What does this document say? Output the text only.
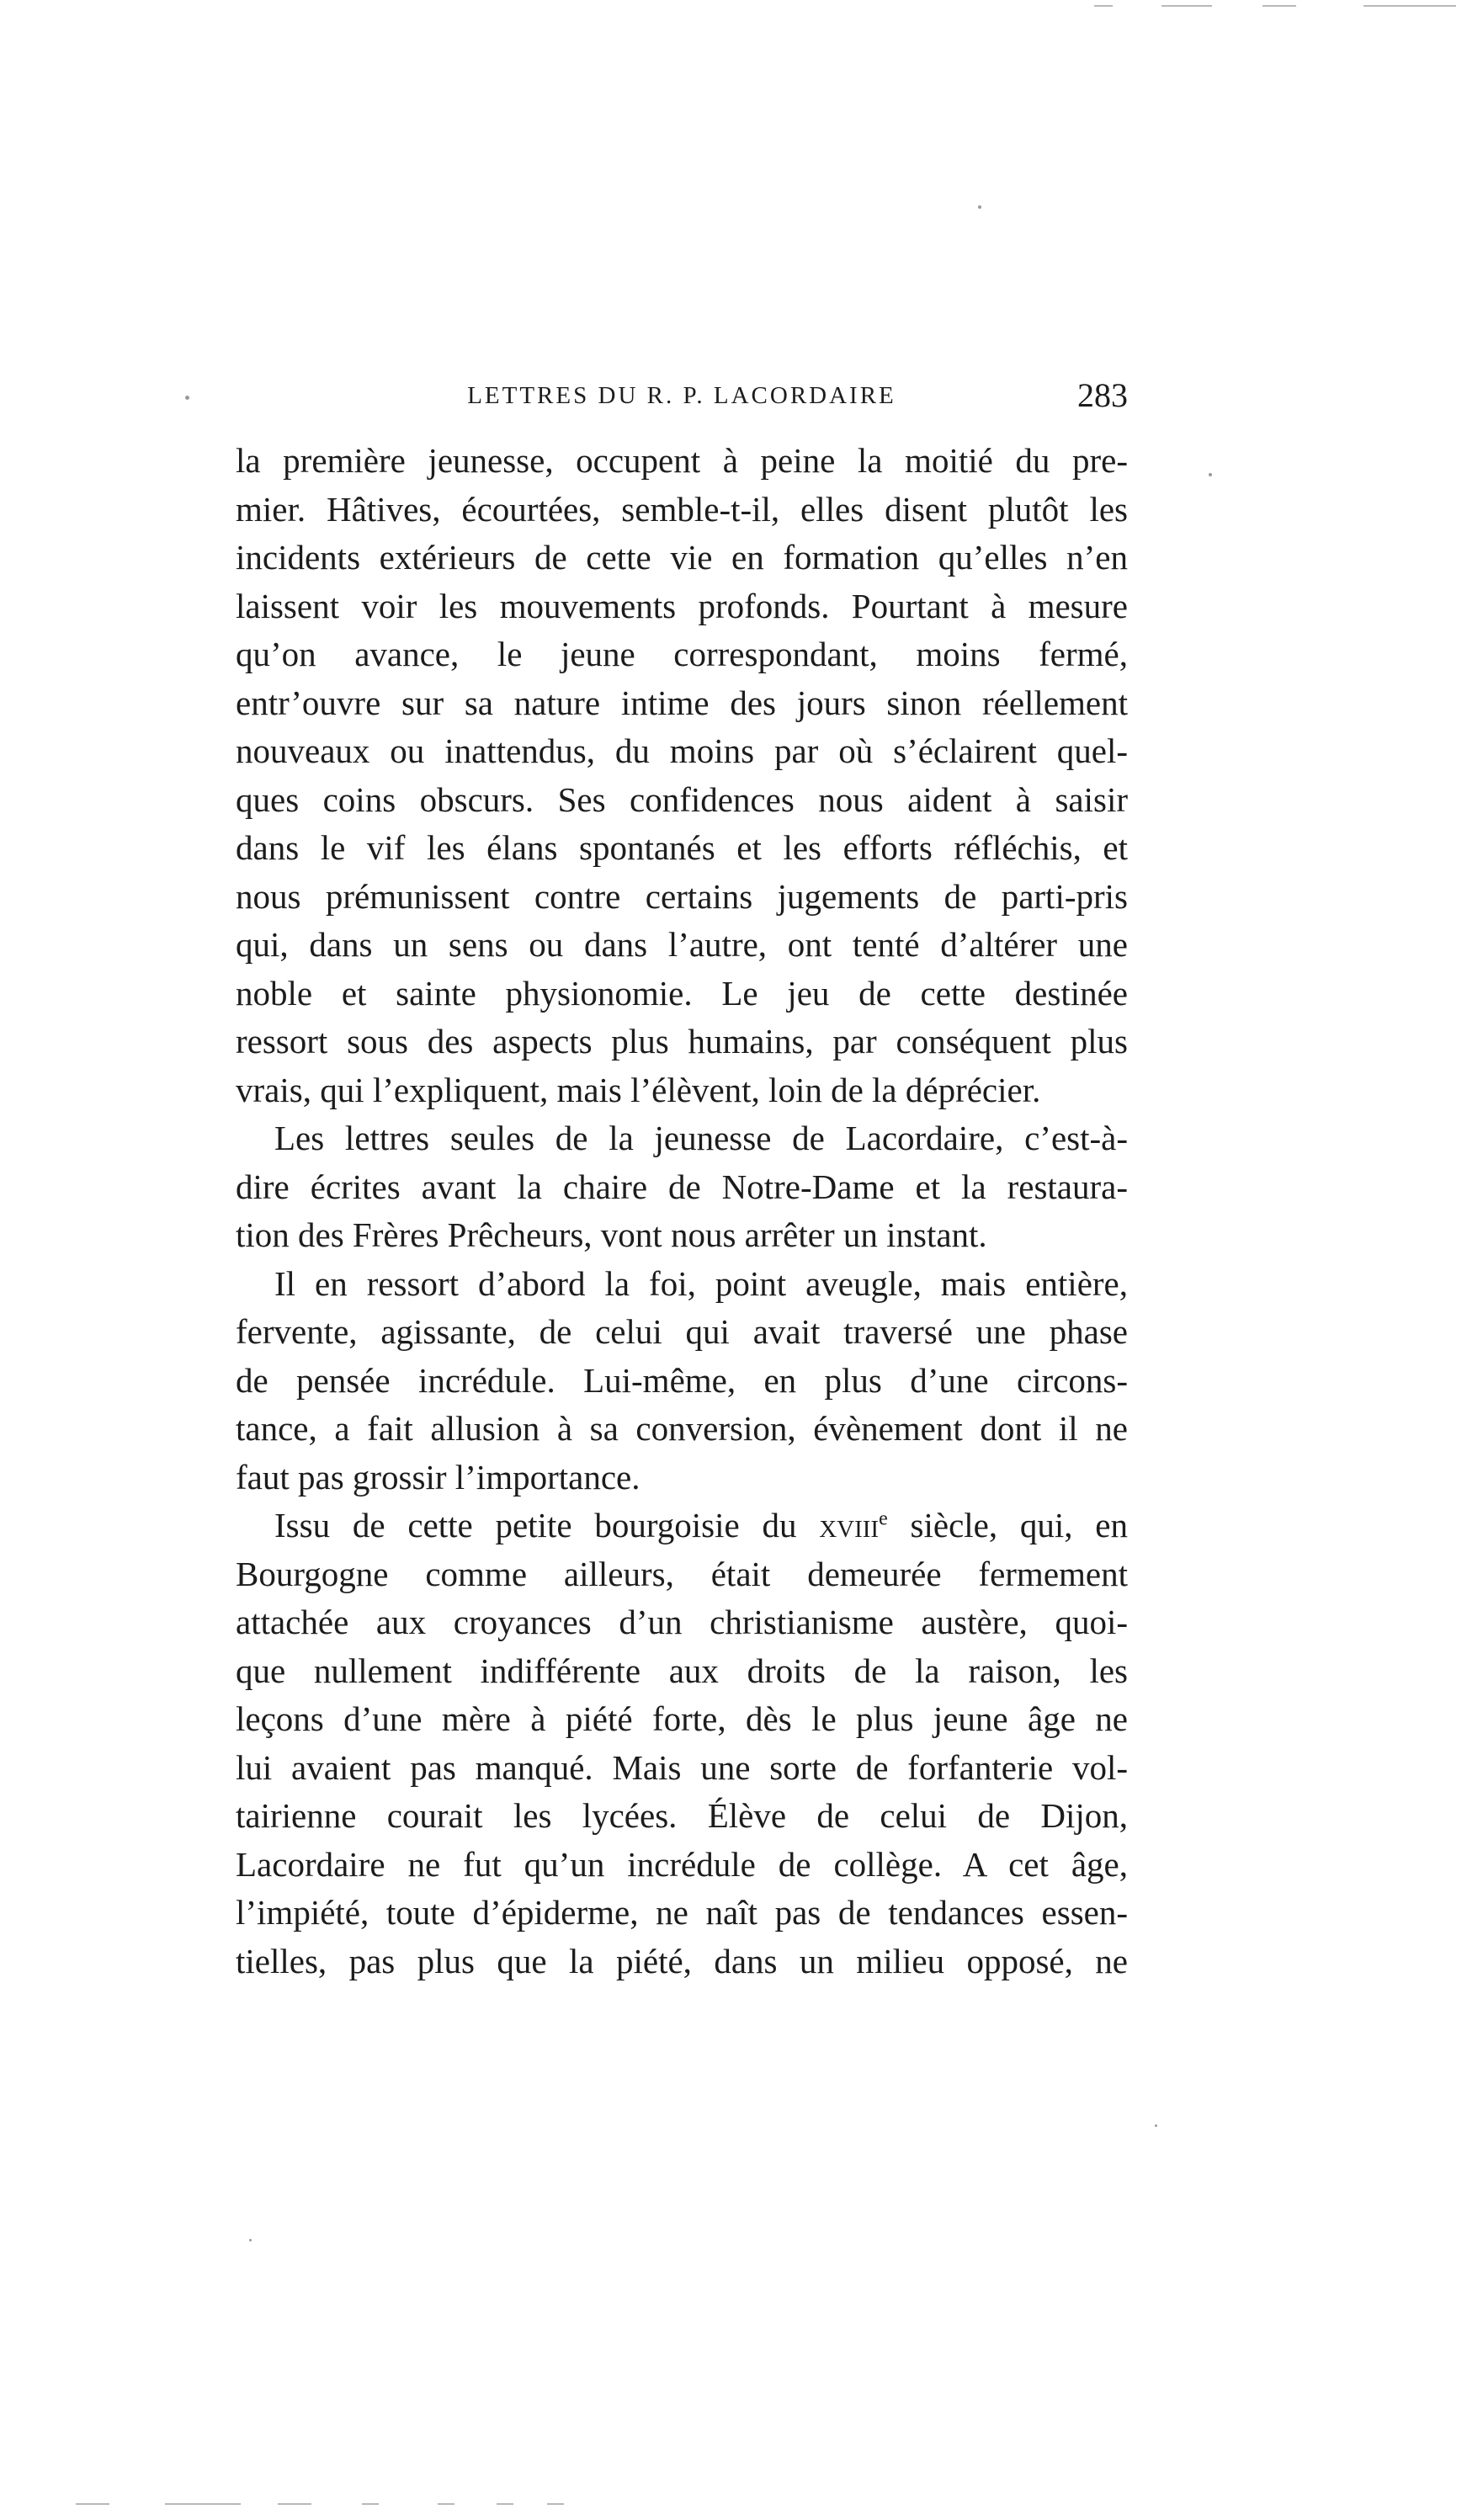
LETTRES DU R. P. LACORDAIRE	283
la première jeunesse, occupent à peine la moitié du pre-
mier. Hâtives, écourtées, semble-t-il, elles disent plutôt les
incidents extérieurs de cette vie en formation qu’elles n’en
laissent voir les mouvements profonds. Pourtant à mesure
qu’on avance, le jeune correspondant, moins fermé,
entr’ouvre sur sa nature intime des jours sinon réellement
nouveaux ou inattendus, du moins par où s’éclairent quel-
ques coins obscurs. Ses confidences nous aident à saisir
dans le vif les élans spontanés et les efforts réfléchis, et
nous prémunissent contre certains jugements de parti-pris
qui, dans un sens ou dans l’autre, ont tenté d’altérer une
noble et sainte physionomie. Le jeu de cette destinée
ressort sous des aspects plus humains, par conséquent plus
vrais, qui l’expliquent, mais l’élèvent, loin de la déprécier.
Les lettres seules de la jeunesse de Lacordaire, c’est-à-
dire écrites avant la chaire de Notre-Dame et la restaura-
tion des Frères Prêcheurs, vont nous arrêter un instant.
Il en ressort d’abord la foi, point aveugle, mais entière,
fervente, agissante, de celui qui avait traversé une phase
de pensée incrédule. Lui-même, en plus d’une circons-
tance, a fait allusion à sa conversion, évènement dont il ne
faut pas grossir l’importance.
Issu de cette petite bourgoisie du xviii$^e$ siècle, qui, en
Bourgogne comme ailleurs, était demeurée fermement
attachée aux croyances d’un christianisme austère, quoi-
que nullement indifférente aux droits de la raison, les
leçons d’une mère à piété forte, dès le plus jeune âge ne
lui avaient pas manqué. Mais une sorte de forfanterie vol-
tairienne courait les lycées. Élève de celui de Dijon,
Lacordaire ne fut qu’un incrédule de collège. A cet âge,
l’impiété, toute d’épiderme, ne naît pas de tendances essen-
tielles, pas plus que la piété, dans un milieu opposé, ne
